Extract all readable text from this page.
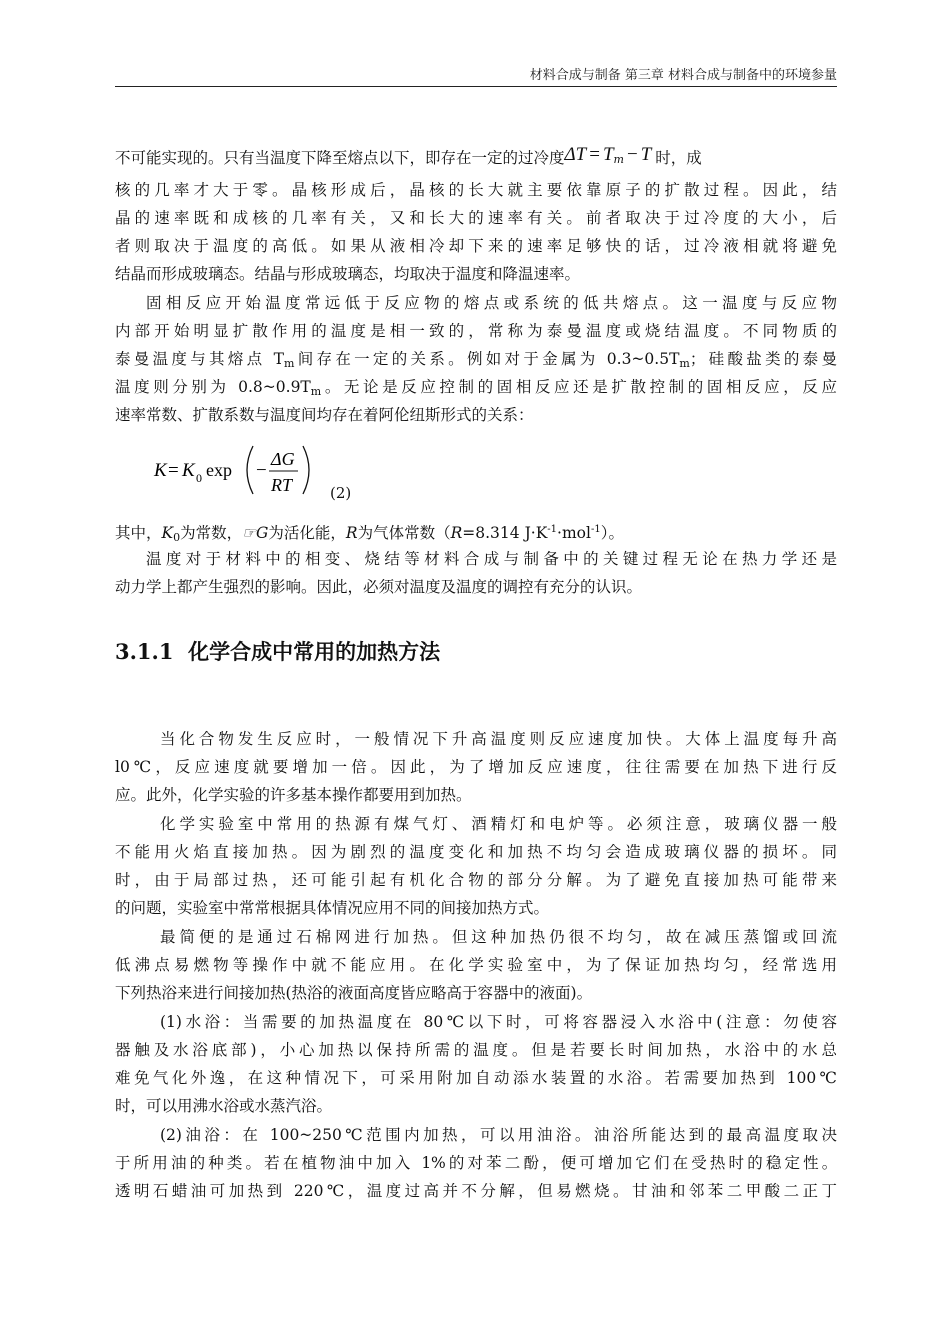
材料合成与制备 第三章 材料合成与制备中的环境参量
不可能实现的。只有当温度下降至熔点以下，即存在一定的过冷度$\Delta T = T_m - T$ 时，成
核的几率才大于零。晶核形成后，晶核的长大就主要依靠原子的扩散过程。因此，结
晶的速率既和成核的几率有关，又和长大的速率有关。前者取决于过冷度的大小，后
者则取决于温度的高低。如果从液相冷却下来的速率足够快的话，过冷液相就将避免
结晶而形成玻璃态。结晶与形成玻璃态，均取决于温度和降温速率。
固相反应开始温度常远低于反应物的熔点或系统的低共熔点。这一温度与反应物
内部开始明显扩散作用的温度是相一致的，常称为泰曼温度或烧结温度。不同物质的
泰曼温度与其熔点 $T_m$间存在一定的关系。例如对于金属为 $0.3\sim 0.5T_m$；硅酸盐类的泰曼
温度则分别为 $0.8\sim 0.9T_m$。无论是反应控制的固相反应还是扩散控制的固相反应，反应
速率常数、扩散系数与温度间均存在着阿伦纽斯形式的关系：
K = K 0 exp −
ΔG
RT	(2)
其中，$K_0$为常数，☞G为活化能，R为气体常数（R=8.314 $J\cdot K^{-1}\cdot mol^{-1}$）。
温度对于材料中的相变、烧结等材料合成与制备中的关键过程无论在热力学还是
动力学上都产生强烈的影响。因此，必须对温度及温度的调控有充分的认识。
3.1.1 化学合成中常用的加热方法
当化合物发生反应时，一般情况下升高温度则反应速度加快。大体上温度每升高
l0℃，反应速度就要增加一倍。因此，为了增加反应速度，往往需要在加热下进行反
应。此外，化学实验的许多基本操作都要用到加热。
化学实验室中常用的热源有煤气灯、酒精灯和电炉等。必须注意，玻璃仪器一般
不能用火焰直接加热。因为剧烈的温度变化和加热不均匀会造成玻璃仪器的损坏。同
时，由于局部过热，还可能引起有机化合物的部分分解。为了避免直接加热可能带来
的问题，实验室中常常根据具体情况应用不同的间接加热方式。
最简便的是通过石棉网进行加热。但这种加热仍很不均匀，故在减压蒸馏或回流
低沸点易燃物等操作中就不能应用。在化学实验室中，为了保证加热均匀，经常选用
下列热浴来进行间接加热(热浴的液面高度皆应略高于容器中的液面)。
(1)水浴：当需要的加热温度在 80℃以下时，可将容器浸入水浴中(注意：勿使容
器触及水浴底部)，小心加热以保持所需的温度。但是若要长时间加热，水浴中的水总
难免气化外逸，在这种情况下，可采用附加自动添水装置的水浴。若需要加热到 100℃
时，可以用沸水浴或水蒸汽浴。
(2)油浴：在 100~250℃范围内加热，可以用油浴。油浴所能达到的最高温度取决
于所用油的种类。若在植物油中加入 1%的对苯二酚，便可增加它们在受热时的稳定性。
透明石蜡油可加热到 220℃，温度过高并不分解，但易燃烧。甘油和邻苯二甲酸二正丁
